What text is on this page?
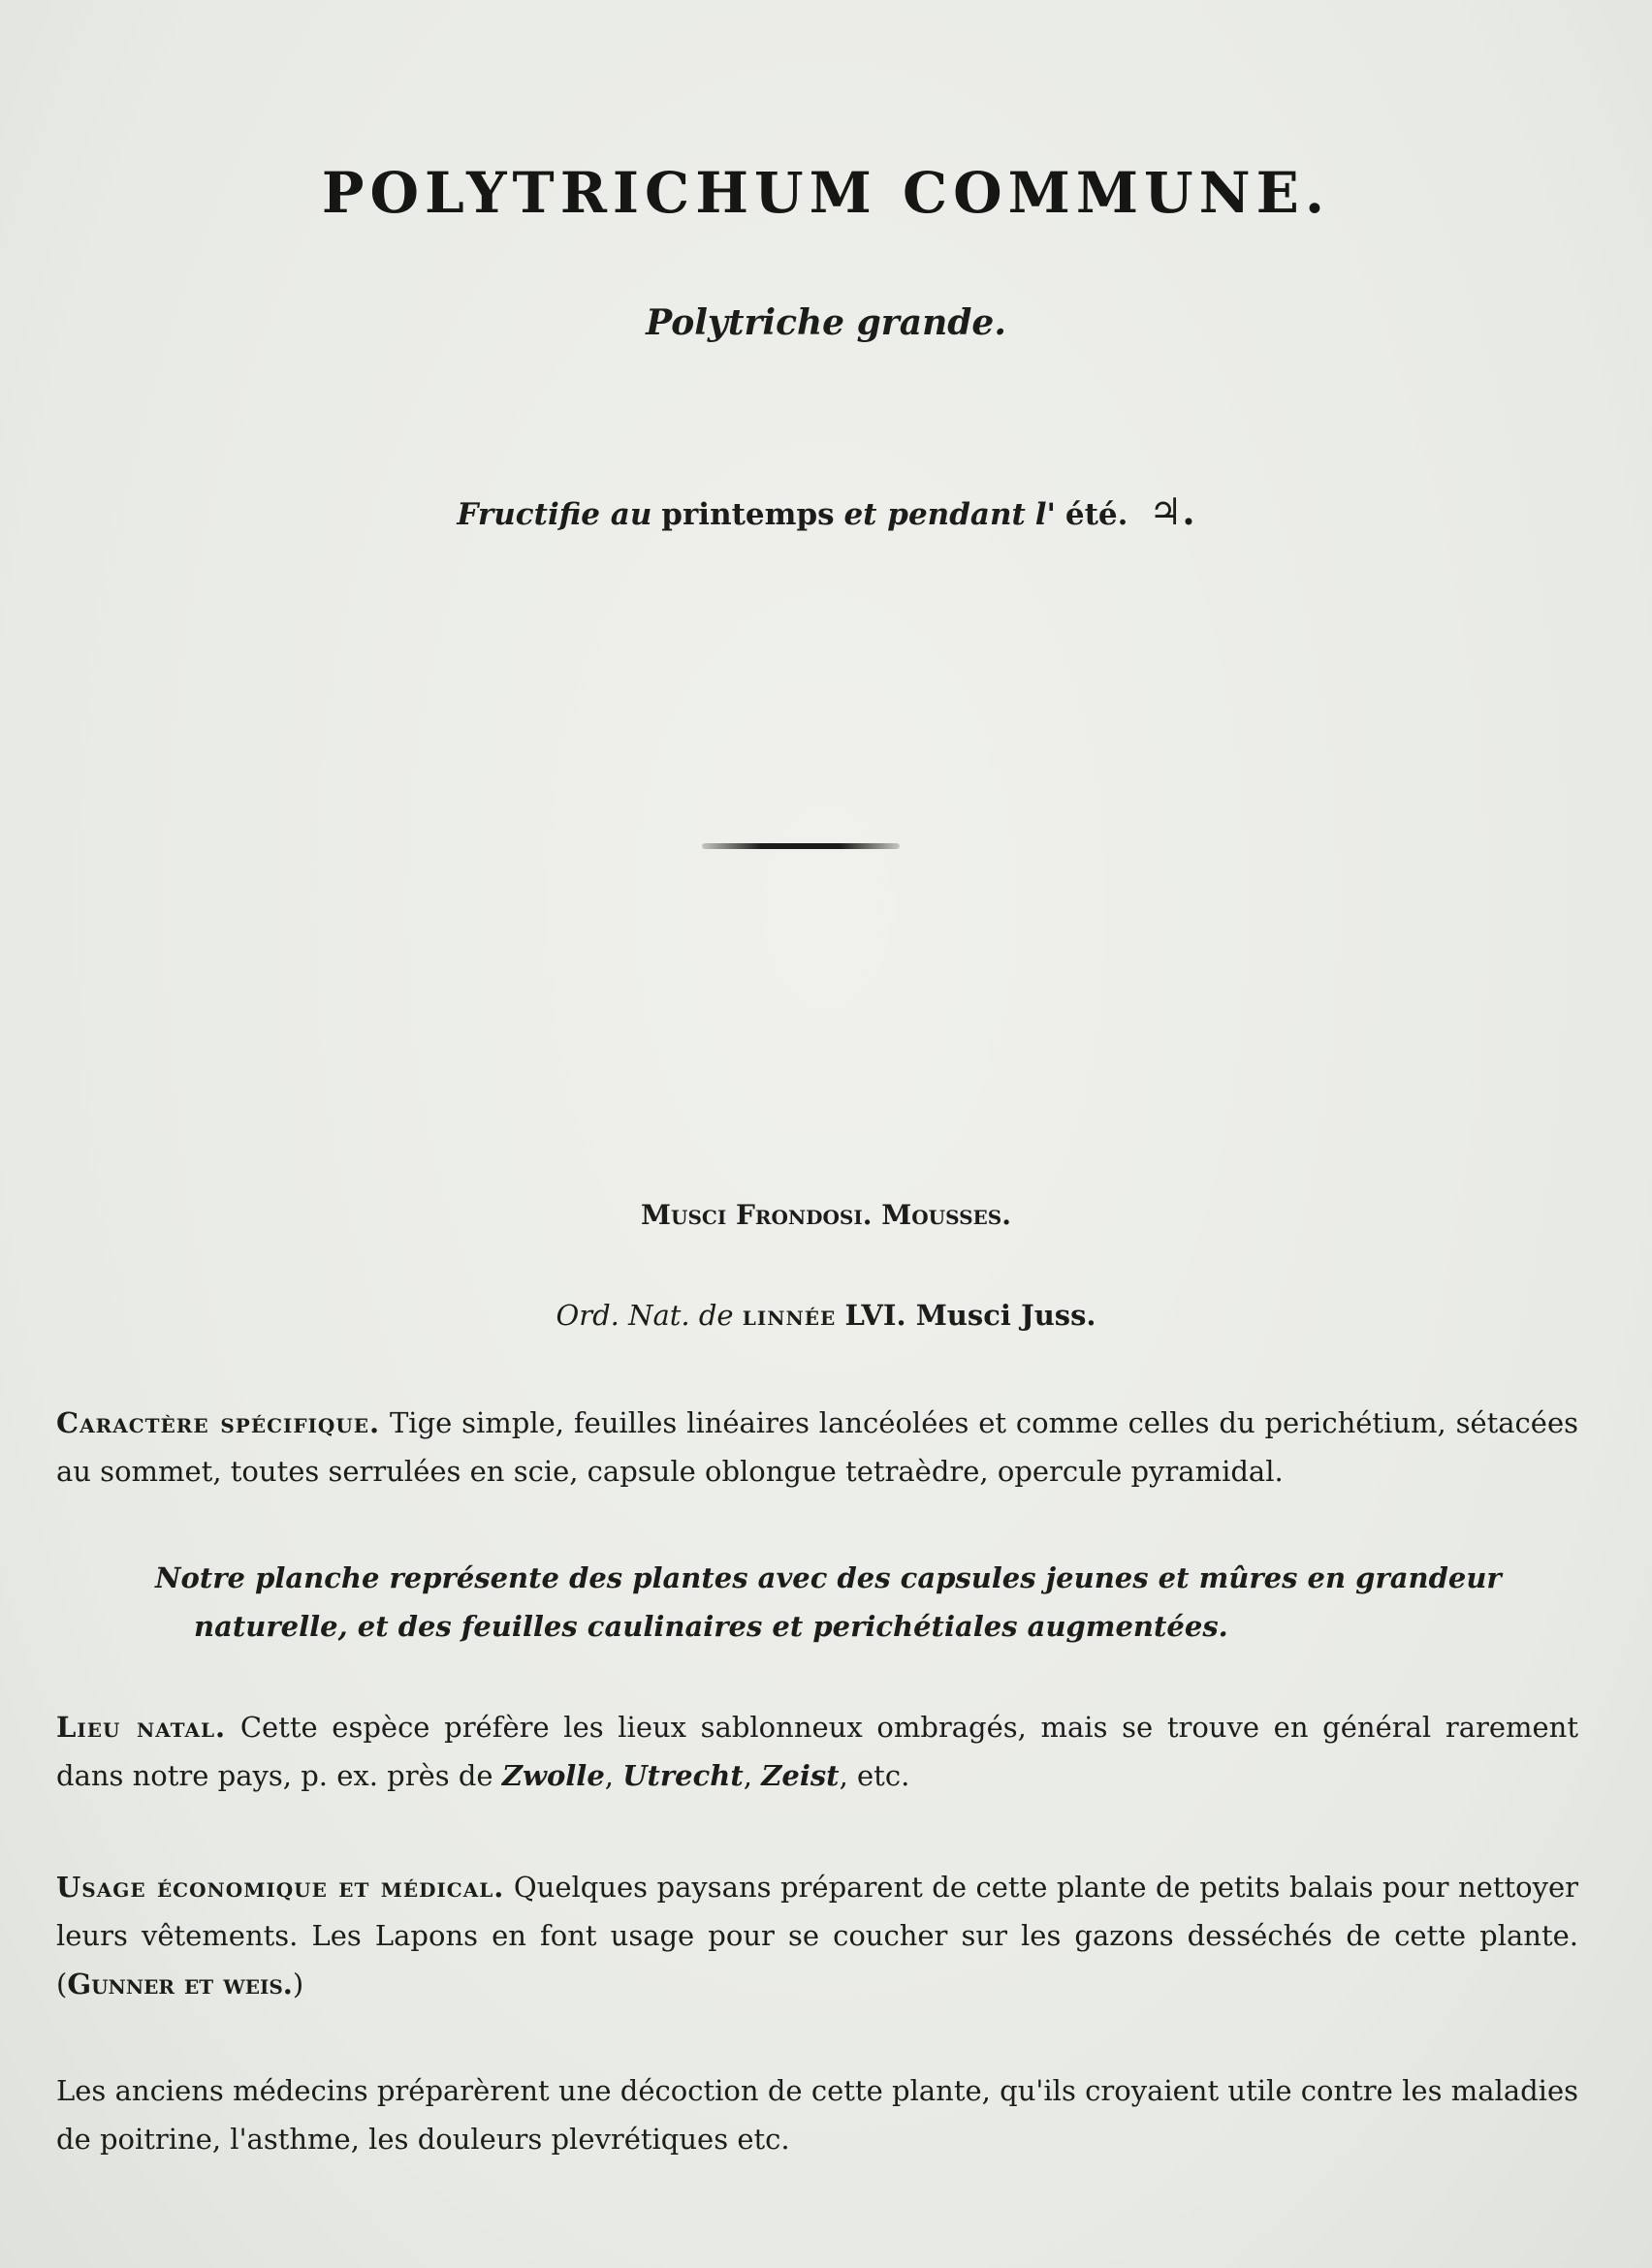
POLYTRICHUM COMMUNE.
Polytriche grande.
Fructifie au printemps et pendant l' été. ♃.
Musci Frondosi. Mousses.
Ord. Nat. de linnée LVI. Musci Juss.
Caractère spécifique. Tige simple, feuilles linéaires lancéolées et comme celles du perichétium, sétacées au sommet, toutes serrulées en scie, capsule oblongue tetraèdre, opercule pyramidal.
Notre planche représente des plantes avec des capsules jeunes et mûres en grandeur
naturelle, et des feuilles caulinaires et perichétiales augmentées.
Lieu natal. Cette espèce préfère les lieux sablonneux ombragés, mais se trouve en général rarement dans notre pays, p. ex. près de Zwolle, Utrecht, Zeist, etc.
Usage économique et médical. Quelques paysans préparent de cette plante de petits balais pour nettoyer leurs vêtements. Les Lapons en font usage pour se coucher sur les gazons desséchés de cette plante. (Gunner et weis.)
Les anciens médecins préparèrent une décoction de cette plante, qu'ils croyaient utile contre les maladies de poitrine, l'asthme, les douleurs plevrétiques etc.
